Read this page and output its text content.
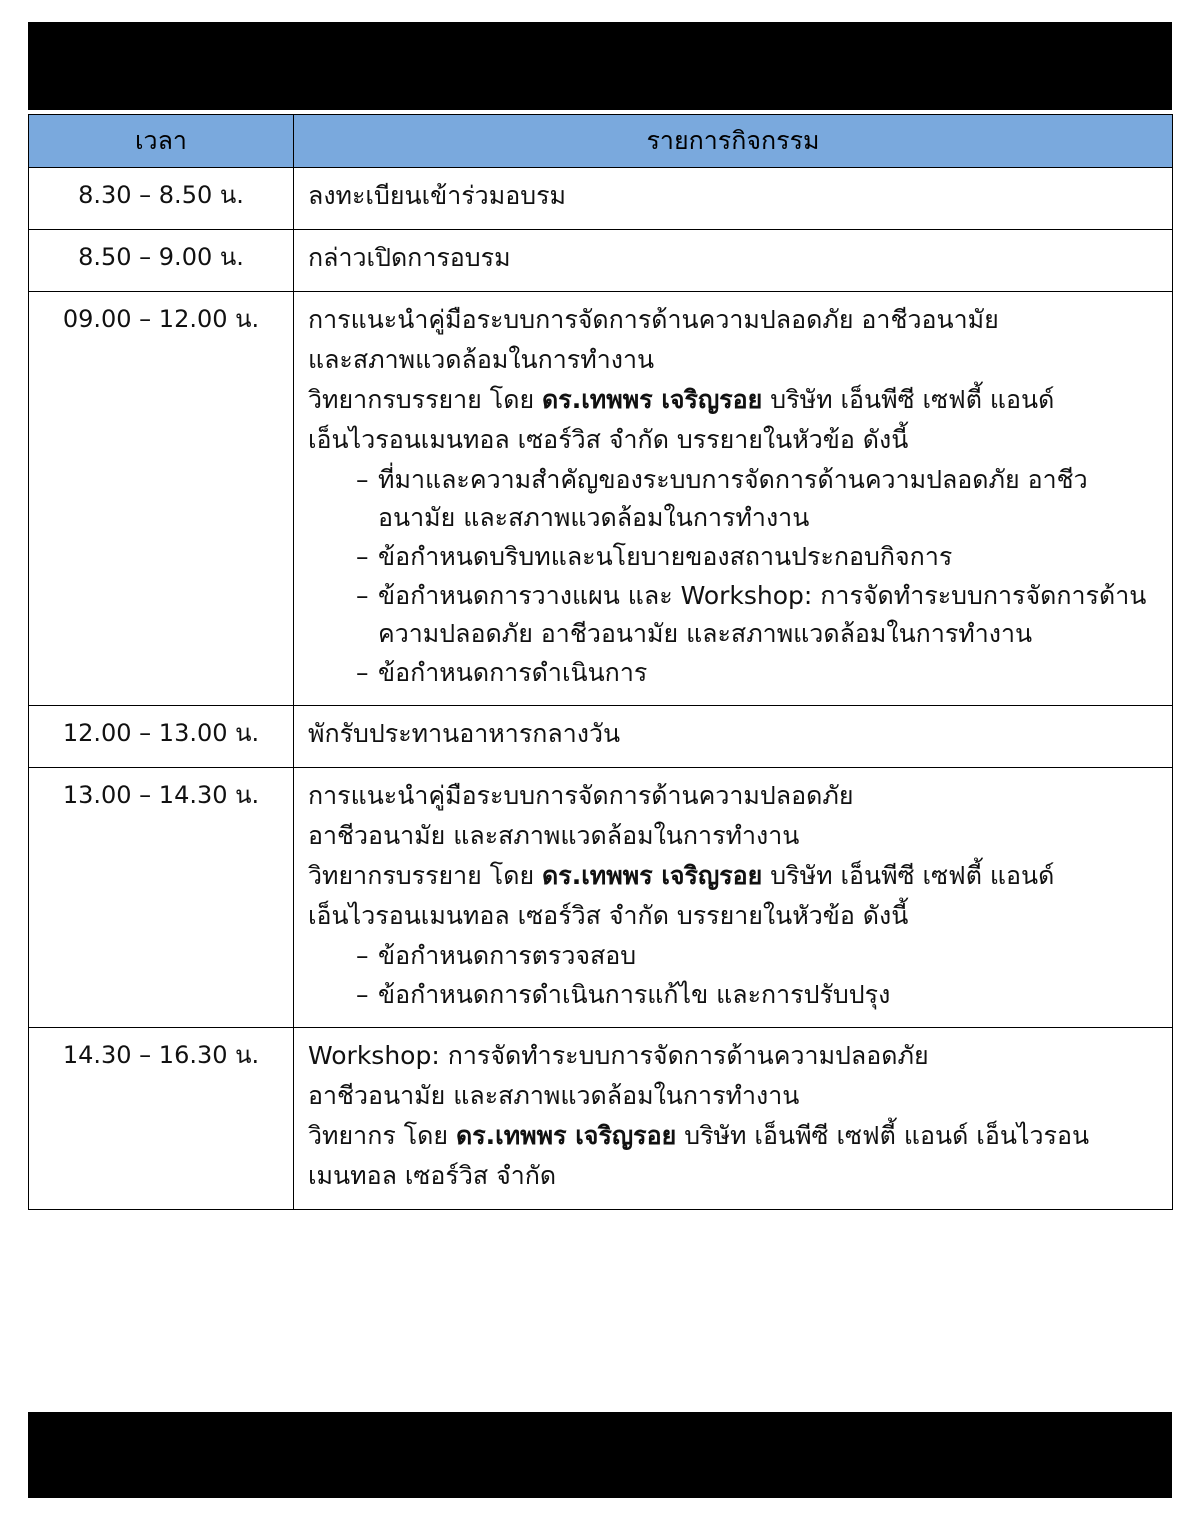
เวลา	รายการกิจกรรม
8.30 – 8.50 น.	ลงทะเบียนเข้าร่วมอบรม

8.50 – 9.00 น.	กล่าวเปิดการอบรม

09.00 – 12.00 น.	การแนะนำคู่มือระบบการจัดการด้านความปลอดภัย อาชีวอนามัย

และสภาพแวดล้อมในการทำงาน

วิทยากรบรรยาย โดย ดร.เทพพร เจริญรอย บริษัท เอ็นพีซี เซฟตี้ แอนด์

เอ็นไวรอนเมนทอล เซอร์วิส จำกัด บรรยายในหัวข้อ ดังนี้

– ที่มาและความสำคัญของระบบการจัดการด้านความปลอดภัย อาชีวอนามัย และสภาพแวดล้อมในการทำงาน
– ข้อกำหนดบริบทและนโยบายของสถานประกอบกิจการ
– ข้อกำหนดการวางแผน และ Workshop: การจัดทำระบบการจัดการด้านความปลอดภัย อาชีวอนามัย และสภาพแวดล้อมในการทำงาน
– ข้อกำหนดการดำเนินการ

12.00 – 13.00 น.	พักรับประทานอาหารกลางวัน

13.00 – 14.30 น.	การแนะนำคู่มือระบบการจัดการด้านความปลอดภัย

อาชีวอนามัย และสภาพแวดล้อมในการทำงาน

วิทยากรบรรยาย โดย ดร.เทพพร เจริญรอย บริษัท เอ็นพีซี เซฟตี้ แอนด์

เอ็นไวรอนเมนทอล เซอร์วิส จำกัด บรรยายในหัวข้อ ดังนี้

– ข้อกำหนดการตรวจสอบ
– ข้อกำหนดการดำเนินการแก้ไข และการปรับปรุง

14.30 – 16.30 น.	Workshop: การจัดทำระบบการจัดการด้านความปลอดภัย

อาชีวอนามัย และสภาพแวดล้อมในการทำงาน

วิทยากร โดย ดร.เทพพร เจริญรอย บริษัท เอ็นพีซี เซฟตี้ แอนด์ เอ็นไวรอน

เมนทอล เซอร์วิส จำกัด
